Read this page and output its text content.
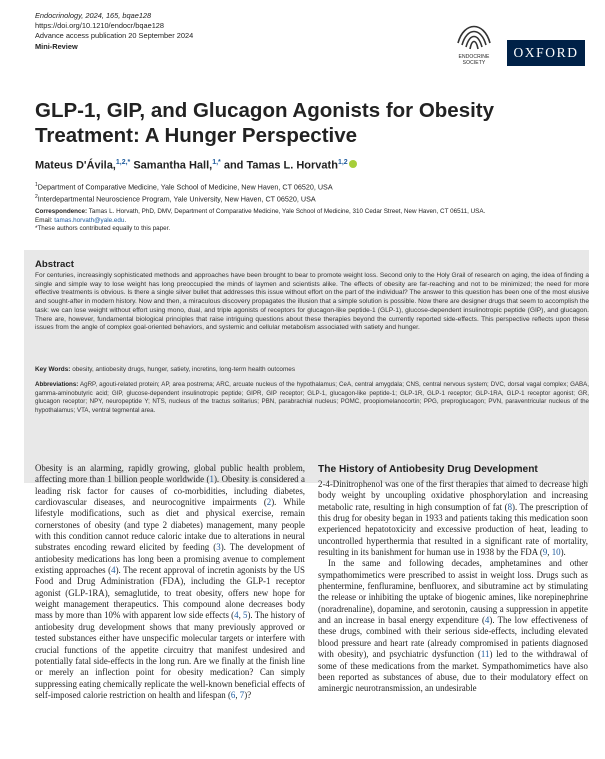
Endocrinology, 2024, 165, bqae128
https://doi.org/10.1210/endocr/bqae128
Advance access publication 20 September 2024
Mini-Review
ENDOCRINE
SOCIETY
OXFORD
GLP-1, GIP, and Glucagon Agonists for Obesity Treatment: A Hunger Perspective
Mateus D'Ávila,$^{1,2,*}$ Samantha Hall,$^{1,*}$ and Tamas L. Horvath$^{1,2}$
$^1$Department of Comparative Medicine, Yale School of Medicine, New Haven, CT 06520, USA
$^2$Interdepartmental Neuroscience Program, Yale University, New Haven, CT 06520, USA
Correspondence: Tamas L. Horvath, PhD, DMV, Department of Comparative Medicine, Yale School of Medicine, 310 Cedar Street, New Haven, CT 06511, USA.
Email: tamas.horvath@yale.edu.
*These authors contributed equally to this paper.
Abstract
For centuries, increasingly sophisticated methods and approaches have been brought to bear to promote weight loss. Second only to the Holy Grail of research on aging, the idea of finding a single and simple way to lose weight has long preoccupied the minds of laymen and scientists alike. The effects of obesity are far-reaching and not to be minimized; the need for more effective treatments is obvious. Is there a single silver bullet that addresses this issue without effort on the part of the individual? The answer to this question has been one of the most elusive and sought-after in modern history. Now and then, a miraculous discovery propagates the illusion that a simple solution is possible. Now there are designer drugs that seem to accomplish the task: we can lose weight without effort using mono, dual, and triple agonists of receptors for glucagon-like peptide-1 (GLP-1), glucose-dependent insulinotropic peptide (GIP), and glucagon. There are, however, fundamental biological principles that raise intriguing questions about these therapies beyond the currently reported side-effects. This perspective reflects upon these issues from the angle of complex goal-oriented behaviors, and systemic and cellular metabolism associated with satiety and hunger.
Key Words: obesity, antiobesity drugs, hunger, satiety, incretins, long-term health outcomes
Abbreviations: AgRP, agouti-related protein; AP, area postrema; ARC, arcuate nucleus of the hypothalamus; CeA, central amygdala; CNS, central nervous system; DVC, dorsal vagal complex; GABA, gamma-aminobutyric acid; GIP, glucose-dependent insulinotropic peptide; GIPR, GIP receptor; GLP-1, glucagon-like peptide-1; GLP-1R, GLP-1 receptor; GLP-1RA, GLP-1 receptor agonist; GR, glucagon receptor; NPY, neuropeptide Y; NTS, nucleus of the tractus solitarius; PBN, parabrachial nucleus; POMC, proopiomelanocortin; PPG, preproglucagon; PVN, paraventricular nucleus of the hypothalamus; VTA, ventral tegmental area.

Obesity is an alarming, rapidly growing, global public health problem, affecting more than 1 billion people worldwide (1). Obesity is considered a leading risk factor for causes of co-morbidities, including diabetes, cardiovascular diseases, and neurocognitive impairments (2). While lifestyle modifications, such as diet and physical exercise, remain cornerstones of obesity (and type 2 diabetes) management, many people with this condition cannot reduce caloric intake due to alterations in neural substrates encoding reward elicited by feeding (3). The development of antiobesity medications has long been a promising avenue to complement existing approaches (4). The recent approval of incretin agonists by the US Food and Drug Administration (FDA), including the GLP-1 receptor agonist (GLP-1RA), semaglutide, to treat obesity, offers new hope for weight management therapeutics. This compound alone decreases body mass by more than 10% with apparent low side effects (4, 5). The history of antiobesity drug development shows that many previously approved or tested substances either have unspecific molecular targets or interfere with crucial functions of the appetite circuitry that manifest undesired and potentially fatal side-effects in the long run. Are we finally at the finish line or merely an inflection point for obesity medication? Can simply suppressing eating chemically replicate the well-known beneficial effects of self-imposed calorie restriction on health and lifespan (6, 7)?

The History of Antiobesity Drug Development

2-4-Dinitrophenol was one of the first therapies that aimed to decrease high body weight by uncoupling oxidative phosphorylation and increasing metabolic rate, resulting in high consumption of fat (8). The prescription of this drug for obesity began in 1933 and patients taking this medication soon experienced hepatotoxicity and excessive production of heat, leading to uncontrolled hyperthermia that resulted in a significant rate of mortality, resulting in its banishment for human use in 1938 by the FDA (9, 10).

In the same and following decades, amphetamines and other sympathomimetics were prescribed to assist in weight loss. Drugs such as phentermine, fenfluramine, benfluorex, and sibutramine act by stimulating the release or inhibiting the uptake of biogenic amines, like norepinephrine (noradrenaline), dopamine, and serotonin, causing a suppression in appetite and an increase in basal energy expenditure (4). The low effectiveness of these drugs, combined with their serious side-effects, including elevated blood pressure and heart rate (already compromised in patients diagnosed with obesity), and psychiatric dysfunction (11) led to the withdrawal of some of these medications from the market. Sympathomimetics have also been reported as substances of abuse, due to their modulatory effect on aminergic neurotransmission, an undesirable
